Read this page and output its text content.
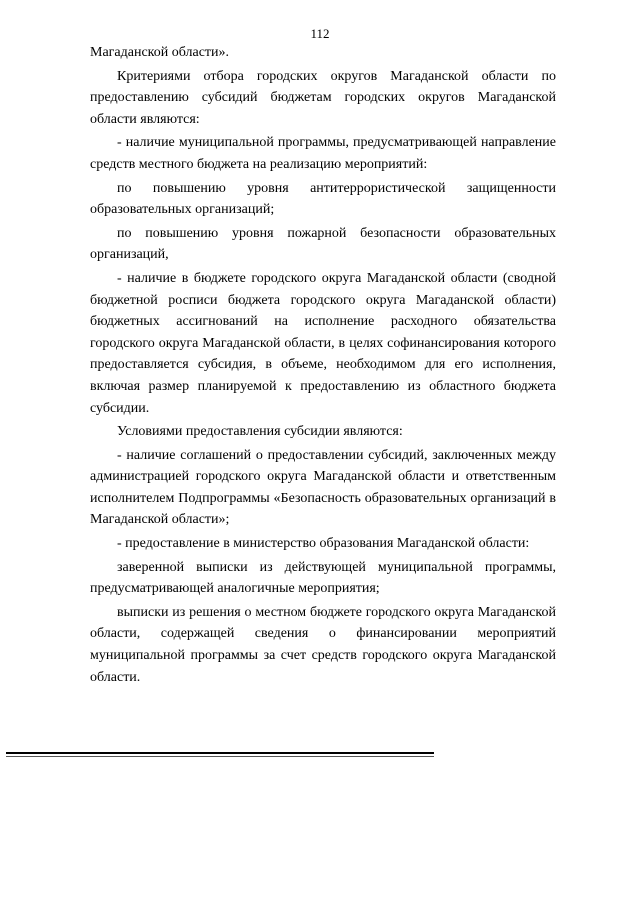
112

Магаданской области».

Критериями отбора городских округов Магаданской области по предоставлению субсидий бюджетам городских округов Магаданской области являются:

- наличие муниципальной программы, предусматривающей направление средств местного бюджета на реализацию мероприятий:

по повышению уровня антитеррористической защищенности образовательных организаций;

по повышению уровня пожарной безопасности образовательных организаций,

- наличие в бюджете городского округа Магаданской области (сводной бюджетной росписи бюджета городского округа Магаданской области) бюджетных ассигнований на исполнение расходного обязательства городского округа Магаданской области, в целях софинансирования которого предоставляется субсидия, в объеме, необходимом для его исполнения, включая размер планируемой к предоставлению из областного бюджета субсидии.

Условиями предоставления субсидии являются:

- наличие соглашений о предоставлении субсидий, заключенных между администрацией городского округа Магаданской области и ответственным исполнителем Подпрограммы «Безопасность образовательных организаций в Магаданской области»;

- предоставление в министерство образования Магаданской области:

заверенной выписки из действующей муниципальной программы, предусматривающей аналогичные мероприятия;

выписки из решения о местном бюджете городского округа Магаданской области, содержащей сведения о финансировании мероприятий муниципальной программы за счет средств городского округа Магаданской области.
